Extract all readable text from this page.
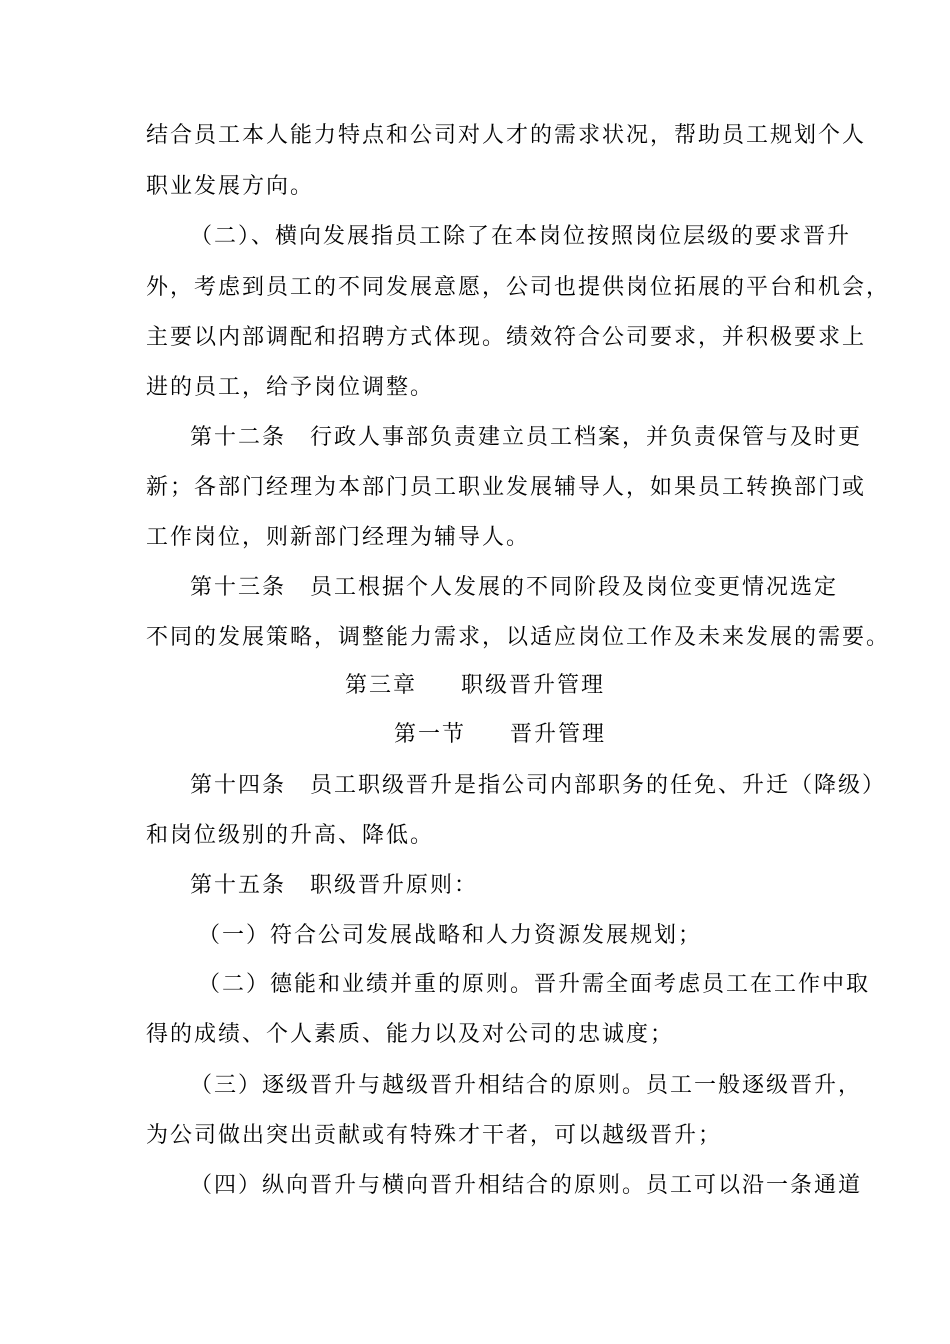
结合员工本人能力特点和公司对人才的需求状况，帮助员工规划个人
职业发展方向。
（二）、横向发展指员工除了在本岗位按照岗位层级的要求晋升
外，考虑到员工的不同发展意愿，公司也提供岗位拓展的平台和机会，
主要以内部调配和招聘方式体现。绩效符合公司要求，并积极要求上
进的员工，给予岗位调整。
第十二条　行政人事部负责建立员工档案，并负责保管与及时更
新；各部门经理为本部门员工职业发展辅导人，如果员工转换部门或
工作岗位，则新部门经理为辅导人。
第十三条　员工根据个人发展的不同阶段及岗位变更情况选定
不同的发展策略，调整能力需求，以适应岗位工作及未来发展的需要。
第三章 职级晋升管理
第一节 晋升管理
第十四条　员工职级晋升是指公司内部职务的任免、升迁（降级）
和岗位级别的升高、降低。
第十五条　职级晋升原则：
（一）符合公司发展战略和人力资源发展规划；
（二）德能和业绩并重的原则。晋升需全面考虑员工在工作中取
得的成绩、个人素质、能力以及对公司的忠诚度；
（三）逐级晋升与越级晋升相结合的原则。员工一般逐级晋升，
为公司做出突出贡献或有特殊才干者，可以越级晋升；
（四）纵向晋升与横向晋升相结合的原则。员工可以沿一条通道
